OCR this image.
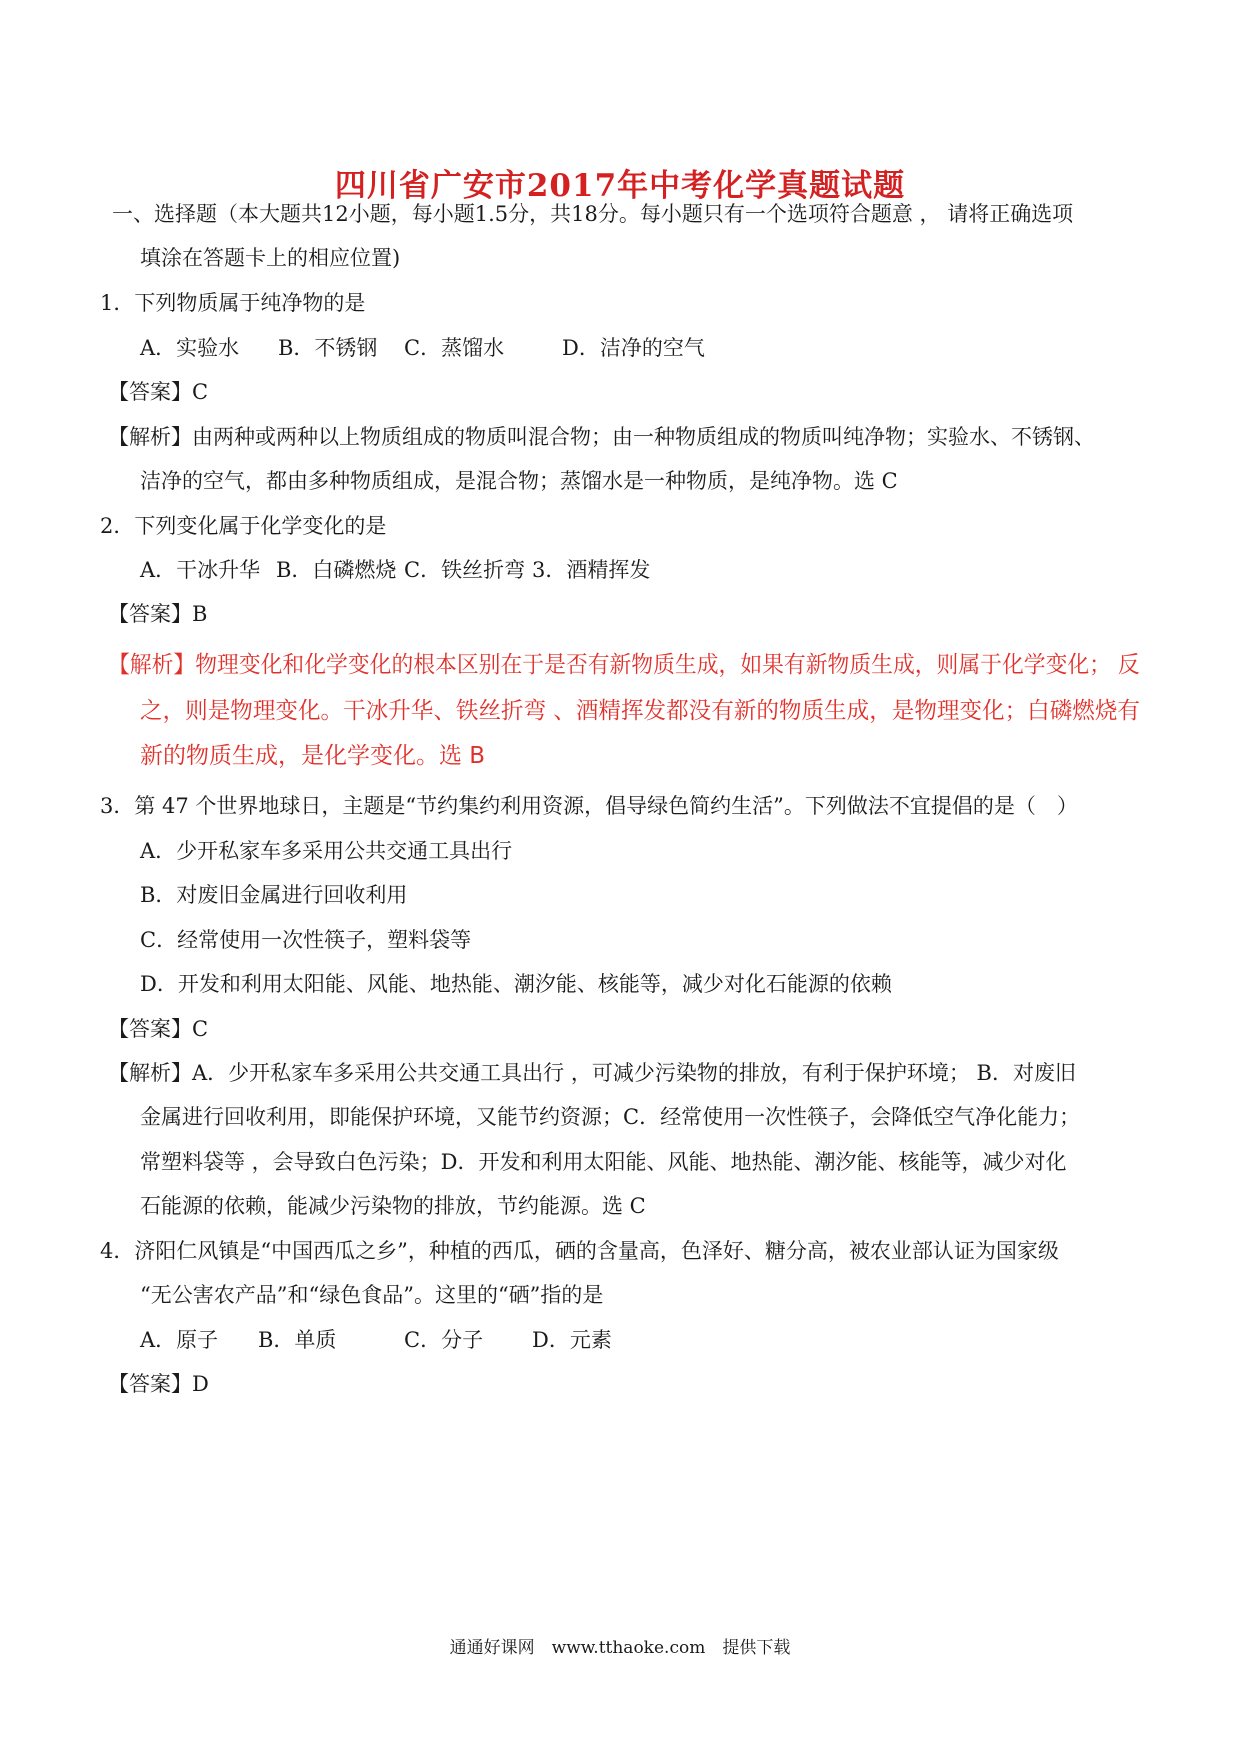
四川省广安市2017年中考化学真题试题
一、选择题（本大题共12小题，每小题1.5分，共18分。每小题只有一个选项符合题意 ， 请将正确选项
填涂在答题卡上的相应位置)
1．下列物质属于纯净物的是
A．实验水 B．不锈钢 C．蒸馏水	D．洁净的空气
【答案】C
【解析】由两种或两种以上物质组成的物质叫混合物；由一种物质组成的物质叫纯净物；实验水、不锈钢、
洁净的空气，都由多种物质组成，是混合物；蒸馏水是一种物质，是纯净物。选 C
2．下列变化属于化学变化的是
A．干冰升华 B．白磷燃烧 C．铁丝折弯 3．酒精挥发
【答案】B
【解析】物理变化和化学变化的根本区别在于是否有新物质生成，如果有新物质生成，则属于化学变化； 反
之，则是物理变化。干冰升华、铁丝折弯 、酒精挥发都没有新的物质生成，是物理变化；白磷燃烧有
新的物质生成，是化学变化。选 B
3．第 47 个世界地球日，主题是“节约集约利用资源，倡导绿色简约生活”。下列做法不宜提倡的是（　）
A．少开私家车多采用公共交通工具出行
B．对废旧金属进行回收利用
C．经常使用一次性筷子，塑料袋等
D．开发和利用太阳能、风能、地热能、潮汐能、核能等，减少对化石能源的依赖
【答案】C
【解析】A．少开私家车多采用公共交通工具出行 ，可减少污染物的排放，有利于保护环境； B．对废旧
金属进行回收利用，即能保护环境，又能节约资源；C．经常使用一次性筷子，会降低空气净化能力；
常塑料袋等 ，会导致白色污染；D．开发和利用太阳能、风能、地热能、潮汐能、核能等，减少对化
石能源的依赖，能减少污染物的排放，节约能源。选 C
4．济阳仁风镇是“中国西瓜之乡”，种植的西瓜，硒的含量高，色泽好、糖分高，被农业部认证为国家级
“无公害农产品”和“绿色食品”。这里的“硒”指的是
A．原子 B．单质	C．分子 D．元素
【答案】D
通通好课网　www.tthaoke.com　提供下载
